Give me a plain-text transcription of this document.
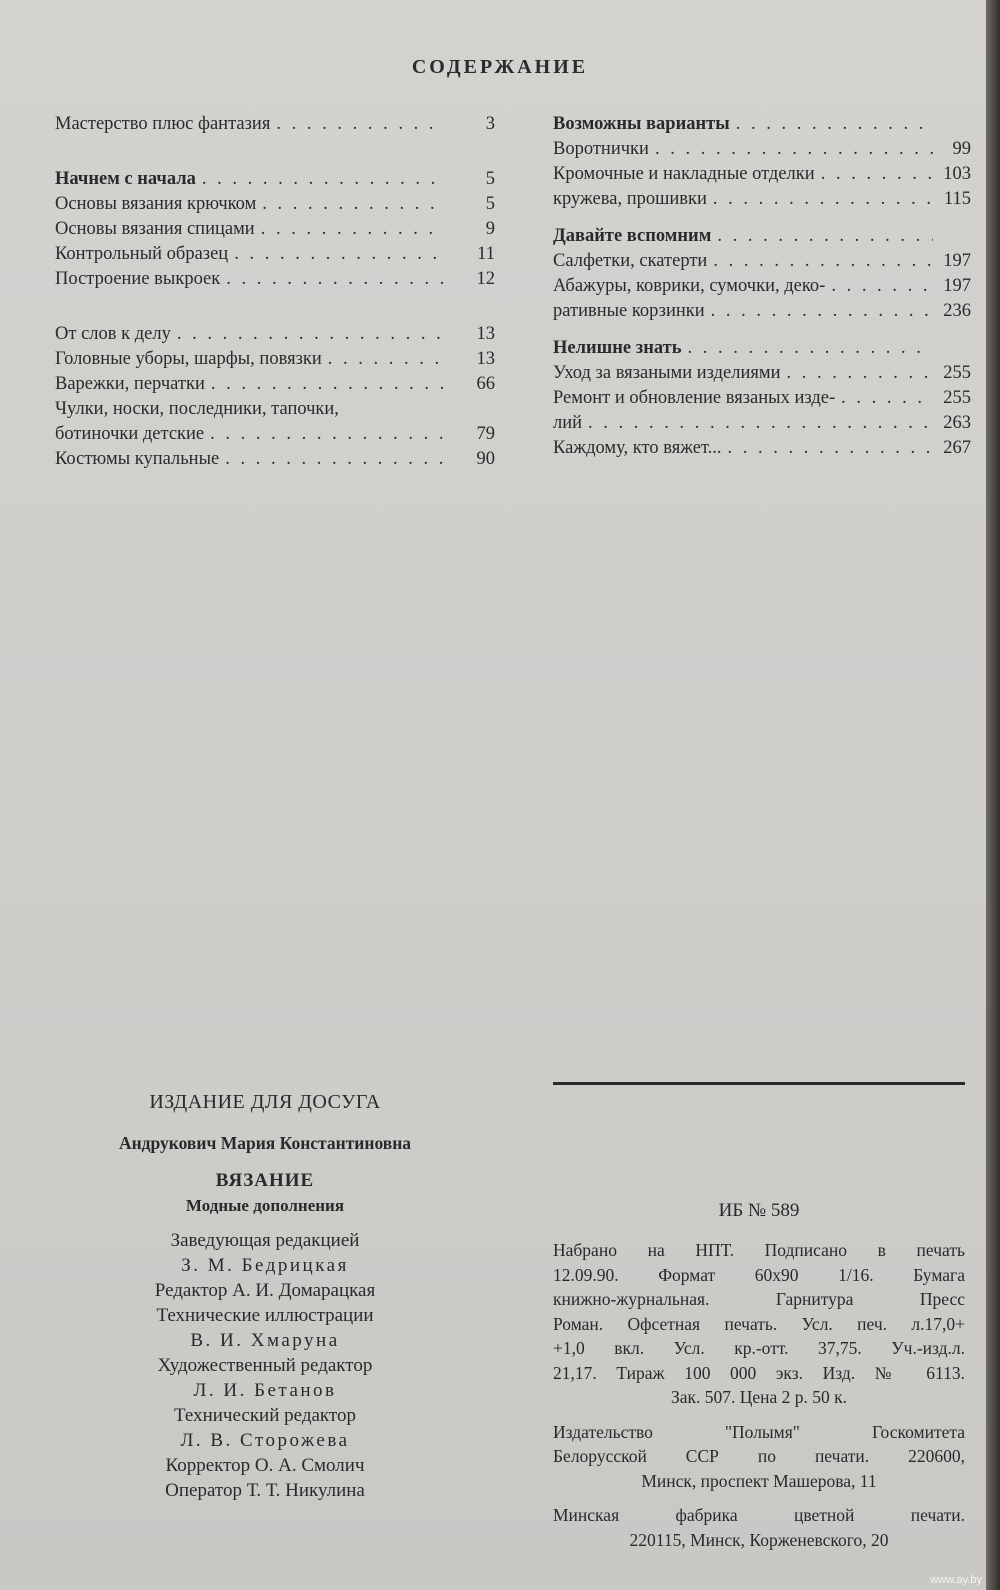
СОДЕРЖАНИЕ
Мастерство плюс фантазия . . .	3
Начнем с начала . . .	5
Основы вязания крючком . . .	5
Основы вязания спицами . . .	9
Контрольный образец . . .	11
Построение выкроек . . .	12
От слов к делу . . .	13
Головные уборы, шарфы, повязки . . .	13
Варежки, перчатки . . .	66
Чулки, носки, последники, тапочки,
ботиночки детские . . .	79
Костюмы купальные . . .	90
Возможны варианты
. . .
Воротнички . . .	99
Кромочные и накладные отделки . . .	103
кружева, прошивки . . .	115
Давайте вспомним
. . .
Салфетки, скатерти . . .	197
Абажуры, коврики, сумочки, деко- . . .	197
ративные корзинки . . .	236
Нелишне знать
. . .
Уход за вязаными изделиями . . .	255
Ремонт и обновление вязаных изде- . . .	255
лий . . .	263
Каждому, кто вяжет... . . .	267
ИЗДАНИЕ ДЛЯ ДОСУГА
Андрукович Мария Константиновна
ВЯЗАНИЕ
Модные дополнения
Заведующая редакцией
З. М. Бедрицкая
Редактор А. И. Домарацкая
Технические иллюстрации
В. И. Хмаруна
Художественный редактор
Л. И. Бетанов
Технический редактор
Л. В. Сторожева
Корректор О. А. Смолич
Оператор Т. Т. Никулина
ИБ № 589
Набрано на НПТ. Подписано в печать
12.09.90. Формат 60х90 1/16. Бумага
книжно-журнальная. Гарнитура Пресс
Роман. Офсетная печать. Усл. печ. л.17,0+
+1,0 вкл. Усл. кр.-отт. 37,75. Уч.-изд.л.
21,17. Тираж 100 000 экз. Изд. № 6113.
Зак. 507. Цена 2 р. 50 к.
Издательство "Полымя" Госкомитета
Белорусской ССР по печати. 220600,
Минск, проспект Машерова, 11
Минская фабрика цветной печати.
220115, Минск, Корженевского, 20
www.ay.by
